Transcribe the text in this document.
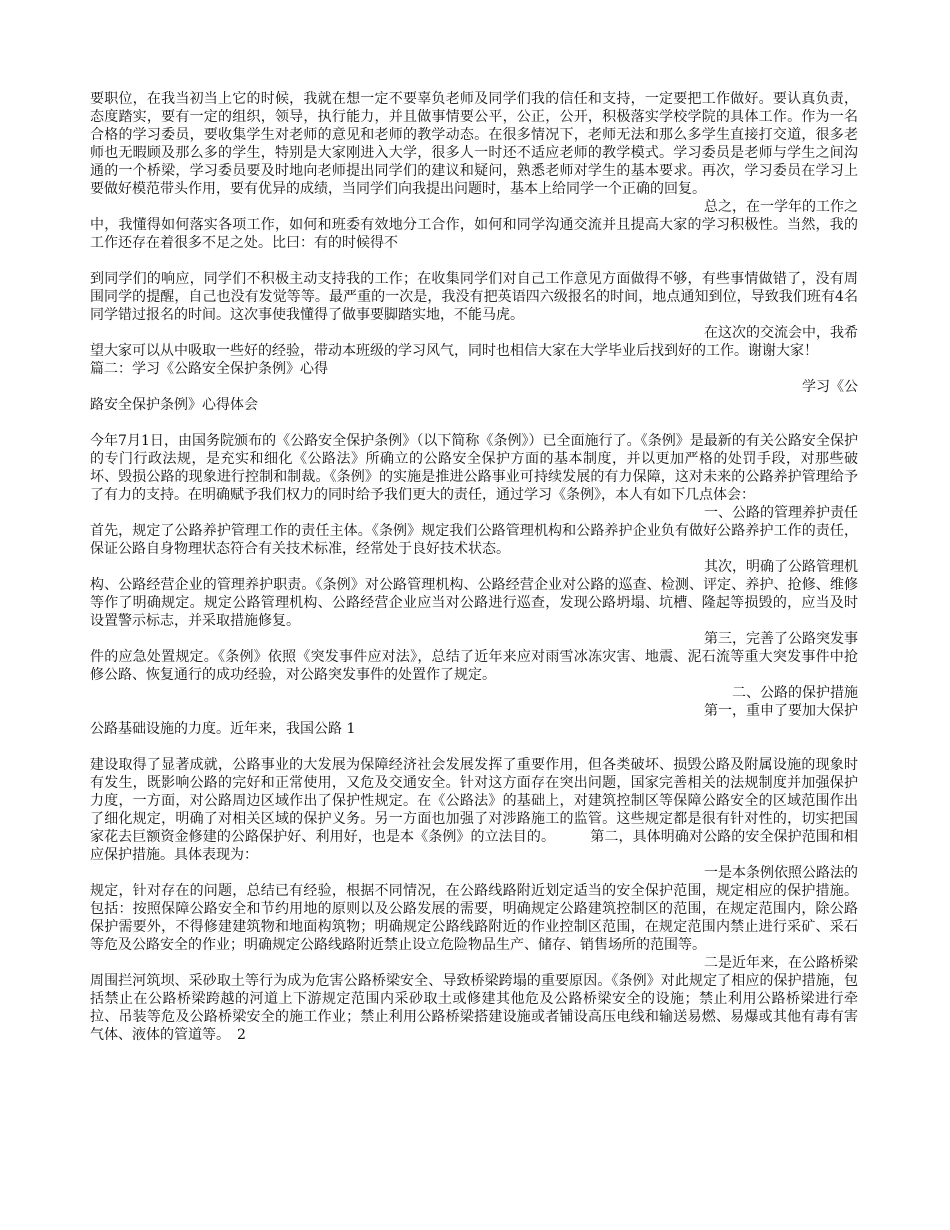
要职位，在我当初当上它的时候，我就在想一定不要辜负老师及同学们我的信任和支持，一定要把工作做好。要认真负责，态度踏实，要有一定的组织，领导，执行能力，并且做事情要公平，公正，公开，积极落实学校学院的具体工作。作为一名合格的学习委员，要收集学生对老师的意见和老师的教学动态。在很多情况下，老师无法和那么多学生直接打交道，很多老师也无暇顾及那么多的学生，特别是大家刚进入大学，很多人一时还不适应老师的教学模式。学习委员是老师与学生之间沟通的一个桥梁，学习委员要及时地向老师提出同学们的建议和疑问，熟悉老师对学生的基本要求。再次，学习委员在学习上要做好模范带头作用，要有优异的成绩，当同学们向我提出问题时，基本上给同学一个正确的回复。

总之，在一学年的工作之

中，我懂得如何落实各项工作，如何和班委有效地分工合作，如何和同学沟通交流并且提高大家的学习积极性。当然，我的工作还存在着很多不足之处。比曰：有的时候得不

到同学们的响应，同学们不积极主动支持我的工作；在收集同学们对自己工作意见方面做得不够，有些事情做错了，没有周围同学的提醒，自己也没有发觉等等。最严重的一次是，我没有把英语四六级报名的时间，地点通知到位，导致我们班有4名同学错过报名的时间。这次事使我懂得了做事要脚踏实地，不能马虎。

在这次的交流会中，我希

望大家可以从中吸取一些好的经验，带动本班级的学习风气，同时也相信大家在大学毕业后找到好的工作。谢谢大家！

篇二：学习《公路安全保护条例》心得

学习《公

路安全保护条例》心得体会

今年7月1日，由国务院颁布的《公路安全保护条例》（以下简称《条例》）已全面施行了。《条例》是最新的有关公路安全保护的专门行政法规，是充实和细化《公路法》所确立的公路安全保护方面的基本制度，并以更加严格的处罚手段，对那些破坏、毁损公路的现象进行控制和制裁。《条例》的实施是推进公路事业可持续发展的有力保障，这对未来的公路养护管理给予了有力的支持。在明确赋予我们权力的同时给予我们更大的责任，通过学习《条例》，本人有如下几点体会：

一、公路的管理养护责任

首先，规定了公路养护管理工作的责任主体。《条例》规定我们公路管理机构和公路养护企业负有做好公路养护工作的责任，保证公路自身物理状态符合有关技术标准，经常处于良好技术状态。

其次，明确了公路管理机

构、公路经营企业的管理养护职责。《条例》对公路管理机构、公路经营企业对公路的巡查、检测、评定、养护、抢修、维修等作了明确规定。规定公路管理机构、公路经营企业应当对公路进行巡查，发现公路坍塌、坑槽、隆起等损毁的，应当及时设置警示标志，并采取措施修复。

第三，完善了公路突发事

件的应急处置规定。《条例》依照《突发事件应对法》，总结了近年来应对雨雪冰冻灾害、地震、泥石流等重大突发事件中抢修公路、恢复通行的成功经验，对公路突发事件的处置作了规定。

二、公路的保护措施

第一，重申了要加大保护

公路基础设施的力度。近年来，我国公路 1

建设取得了显著成就，公路事业的大发展为保障经济社会发展发挥了重要作用，但各类破坏、损毁公路及附属设施的现象时有发生，既影响公路的完好和正常使用，又危及交通安全。针对这方面存在突出问题，国家完善相关的法规制度并加强保护力度，一方面，对公路周边区域作出了保护性规定。在《公路法》的基础上，对建筑控制区等保障公路安全的区域范围作出了细化规定，明确了对相关区域的保护义务。另一方面也加强了对涉路施工的监管。这些规定都是很有针对性的，切实把国家花去巨额资金修建的公路保护好、利用好，也是本《条例》的立法目的。　　　第二，具体明确对公路的安全保护范围和相应保护措施。具体表现为：

一是本条例依照公路法的

规定，针对存在的问题，总结已有经验，根据不同情况，在公路线路附近划定适当的安全保护范围，规定相应的保护措施。包括：按照保障公路安全和节约用地的原则以及公路发展的需要，明确规定公路建筑控制区的范围，在规定范围内，除公路保护需要外，不得修建建筑物和地面构筑物；明确规定公路线路附近的作业控制区范围，在规定范围内禁止进行采矿、采石等危及公路安全的作业；明确规定公路线路附近禁止设立危险物品生产、储存、销售场所的范围等。

二是近年来，在公路桥梁

周围拦河筑坝、采砂取土等行为成为危害公路桥梁安全、导致桥梁跨塌的重要原因。《条例》对此规定了相应的保护措施，包括禁止在公路桥梁跨越的河道上下游规定范围内采砂取土或修建其他危及公路桥梁安全的设施；禁止利用公路桥梁进行牵拉、吊装等危及公路桥梁安全的施工作业；禁止利用公路桥梁搭建设施或者铺设高压电线和输送易燃、易爆或其他有毒有害气体、液体的管道等。　2
